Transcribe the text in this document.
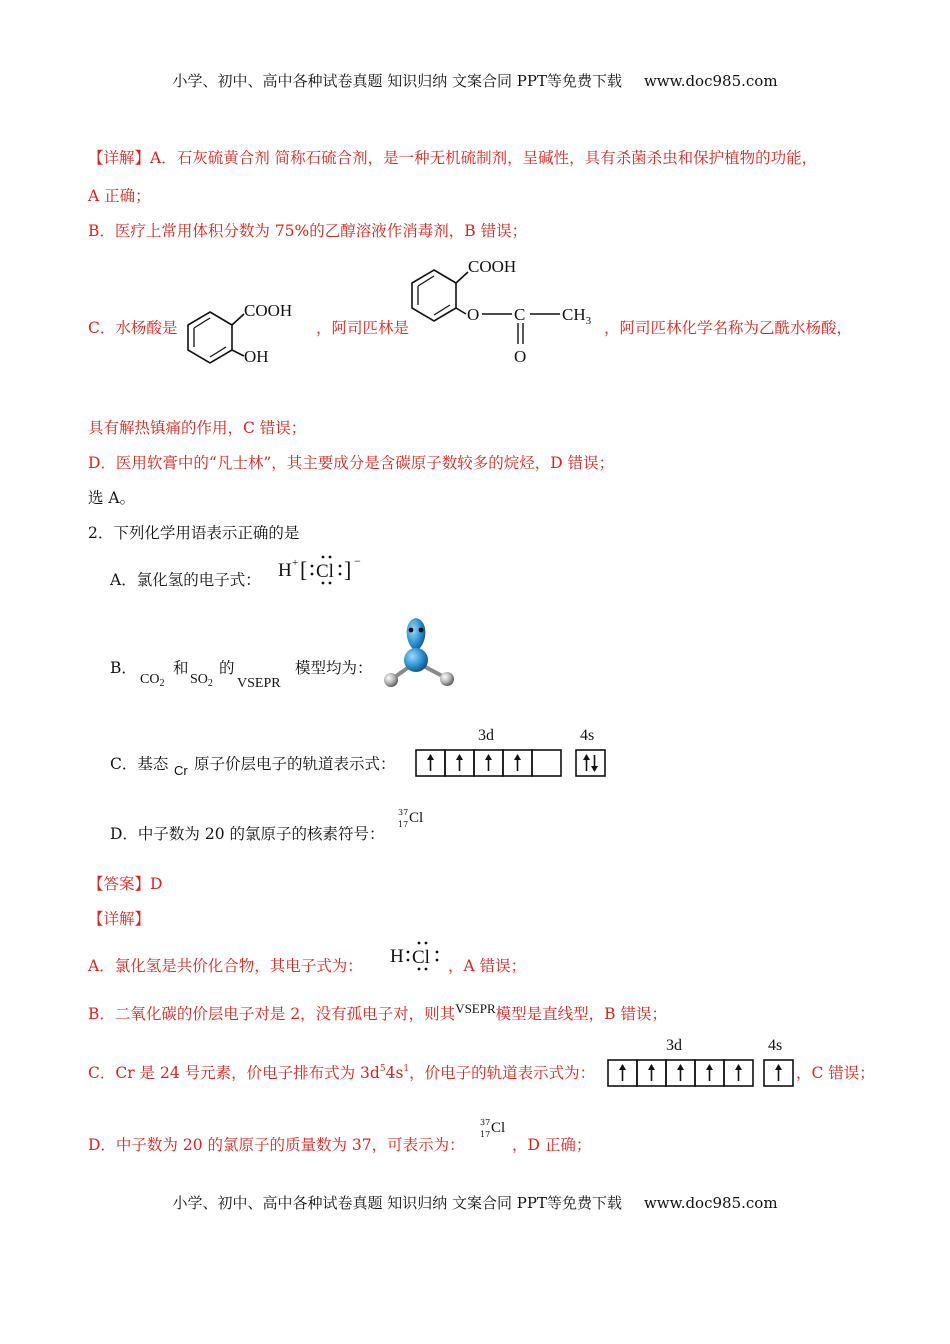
小学、初中、高中各种试卷真题 知识归纳 文案合同 PPT等免费下载 www.doc985.com
【详解】A．石灰硫黄合剂 简称石硫合剂，是一种无机硫制剂，呈碱性，具有杀菌杀虫和保护植物的功能，
A 正确；
B．医疗上常用体积分数为 75%的乙醇溶液作消毒剂，B 错误；
C．水杨酸是
COOH
OH
，阿司匹林是
COOH
O C $CH_3$
O
，阿司匹林化学名称为乙酰水杨酸，
具有解热镇痛的作用，C 错误；
D．医用软膏中的“凡士林”，其主要成分是含碳原子数较多的烷烃，D 错误；
选 A。
2．下列化学用语表示正确的是
A．氯化氢的电子式： H + [ Cl ] −
B． 和 的	模型均为：
$CO_2$ $SO_2$ VSEPR
C．基态 Cr 原子价层电子的轨道表示式：
3d	4s
D．中子数为 20 的氯原子的核素符号：
37
17 Cl
【答案】D
【详解】
A．氯化氢是共价化合物，其电子式为： H Cl ，A 错误；
B．二氧化碳的价层电子对是 2，没有孤电子对，则其$^{VSEPR}$模型是直线型，B 错误；
C．Cr 是 24 号元素，价电子排布式为 $3d^54s^1$，价电子的轨道表示式为：
3d	4s
，C 错误；
D．中子数为 20 的氯原子的质量数为 37，可表示为：
37
17 Cl
，D 正确；
小学、初中、高中各种试卷真题 知识归纳 文案合同 PPT等免费下载 www.doc985.com
